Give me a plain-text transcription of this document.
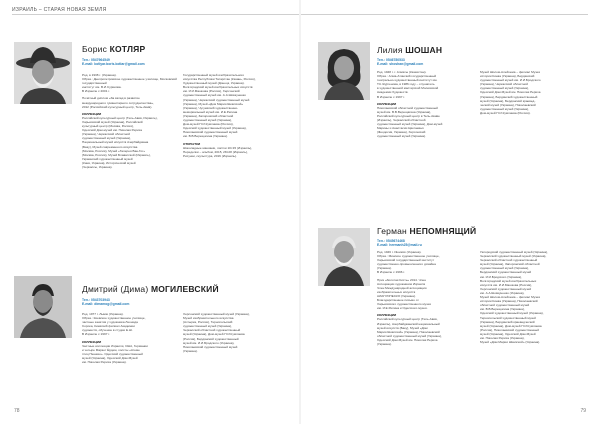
ИЗРАИЛЬ – СТАРАЯ НОВАЯ ЗЕМЛЯ
Борис КОТЛЯР
Тел.: 0547964549
E-mail: kotlyar.boris.kotlar@gmail.com

Род. в 1938 г. (Украина).

Образ.: Днепропетровское художественное училище, Московский государственный

институт им. В.И.Сурикова.

В Израиле с 2001 г.

Почётный диплом «За вклад в развитие

международного гуманитарного сотрудничества»,

2012 (Российский культурный центр, Тель-Авив).

КОЛЛЕКЦИИ

Российский культурный центр (Тель-Авив, Израиль),

Харьковский музей (Украина), Российский

культурный центр (Москва, Россия),

Одесский Дом-музей им. Николая Рериха

(Украина), Черкасский областной

художественный музей (Украина),

Национальный музей искусств Азербайджана

(Баку), Музей современного искусства

(Москва, Россия), Музей «Галерея Ван-Гог»

(Москва, Россия), Музей Блаватской (Израиль),

Украинский художественный музей

(Киев, Украина), Исторический музей

(Черкассы, Украина).

Государственный музей изобразительного

искусства Республики Татарстан (Казань, Россия),

Художественный музей (Донецк, Украина).

Волгоградский музей изобразительных искусств

им. И.И.Машкова (Россия), Херсонский

художественный музей им. А.А.Шовкуненко

(Украина), Черкасский художественный музей

(Украина), Музей «Дом Марии Шкапской»

(Украина), Чугуевский художественно-

мемориальный музей им. И.Е.Репина

(Украина), Запорожский областной

художественный музей (Украина),

Дом-музей Н.И.Кумлиева (Россия),

Одесский художественный музей (Украина),

Николаевский художественный музей

им. В.В.Верещагина (Украина).

ОТКРЫТКИ

Шоколадные машинки, листки 10×15 (Израиль),

Переделки ‒ альбом, 2015, 28×28 (Израиль),

Рисунки, скульптура, 2016 (Израиль).

Дмитрий (Дима) МОГИЛЕВСКИЙ
Тел.: 0543703943
E-mail: dimamog@gmail.com

Род. 1977 г. Львов (Украина).

Образ.: Киевское художественное училище,

частные занятия у художника Леонида

Сорока, Киевский филиал Академии

художеств, обучение в студии Е.Ш.

В Израиле с 1997 г.

КОЛЛЕКЦИИ

Частные коллекции Израиля, США, Германии

и четыре Маркет Ёрдем, холсты «Атеме

птиц Пэнниш». Одесский художественный

музей (Украина), Одесский Дом-Музей

им. Николая Рериха (Украина).

Херсонский художественный музей (Украина),

Музей изобразительного искусства

(Ахтырка, Россия), Тернопольский

художественный музей (Украина),

Черкасский областной художественный

музей (Украина), Дом-музей Н.И.Кумлиева

(Россия), Бердянский художественный

музей им. И.И.Бродского (Украина),

Николаевский художественный музей

(Украина).

78
Лилия ШОШАН
Тел.: 0546780533
E-mail: shoshan@gmail.com

Род. 1948 г. г. Алматы (Казахстан).

Образ.: Алма-Атинский государственный

театрально-художественный институт им.

Т.К.Жургенова, в 1986 году – слушатель

в художественной мастерской Московской

Академии Художеств.

В Израиле с 1997 г.

КОЛЛЕКЦИИ

Николаевский областной художественный

музей им. В.В.Верещагина (Украина),

Российский культурный центр в Тель-Авиве

(Израиль), Черкасский областной

художественный музей (Украина), Дом-музей

Марины и Анастасии Цветаевых

(Феодосия, Украина), Херсонский

художественный музей (Украина).

Музей Шолом-Алейхема – филиал Музея

истории Киева (Украина), Бердянский

художественный музей им. И.И.Бродского

(Украина), Черкасский областной

художественный музей (Украина),

Одесский Дом-Музей им. Николая Рериха

(Украина), Бердянский художественный

музей (Украина), Бердянский краевед-

ческий музей (Украина), Николаевский

художественный музей (Украина),

Дом-музей Н.И.Кумлиева (Россия).

Герман НЕПОМНЯЩИЙ
Тел.: 0545674468
E-mail: hermanh25@mail.ru

Род. 1946 г. Ишимск (Украина).

Образ.: Минское художественное училище,

Харьковский государственный институт

художественно-промышленного дизайна

(Украина).

В Израиле с 1996 г.

Приз «Золотая Кисть» 2014. Член

Ассоциации художников Израиля

Член Международной ассоциации

изобразительных искусств

АИАП ЮНЕСКО (Украина).

Благодарственное письмо от

Харьковского художественного музея

им. И.Е.Репина и Одесского музея.

КОЛЛЕКЦИИ

Российский культурный центр (Тель-Авив,

Израиль), Азербайджанский национальный

музей искусств (Баку), Музей «Дом

Марии Шкапской» (Украина), Николаевский

областной художественный музей (Украина),

Одесский Дом-Музей им. Николая Рериха

(Украина).

Ужгородский художественный музей (Украина),

Черкасский художественный музей (Украина),

Черкасский областной художественный

музей (Украина), Запорожский областной

художественный музей (Украина),

Бердянский художественный музей

им. И.И.Бродского (Украина),

Волгоградский музей изобразительных

искусств им. И.И.Машкова (Россия),

Херсонский художественный музей

им. А.А.Шовкуненко (Украина),

Музей Шолом-Алейхема – филиал Музея

истории Киева (Украина), Николаевский

областной художественный музей

им. В.В.Верещагина (Украина),

Одесский художественный музей (Украина),

Тернопольский художественный музей

(Украина), Бердянский краеведческий

музей (Украина), Дом-музей Н.И.Кумлиева

(Россия), Николаевский художественный

музей (Украина), Одесский Дом-Музей

им. Николая Рериха (Украина),

Музей «Дом Марии Шкапской» (Украина).

79
